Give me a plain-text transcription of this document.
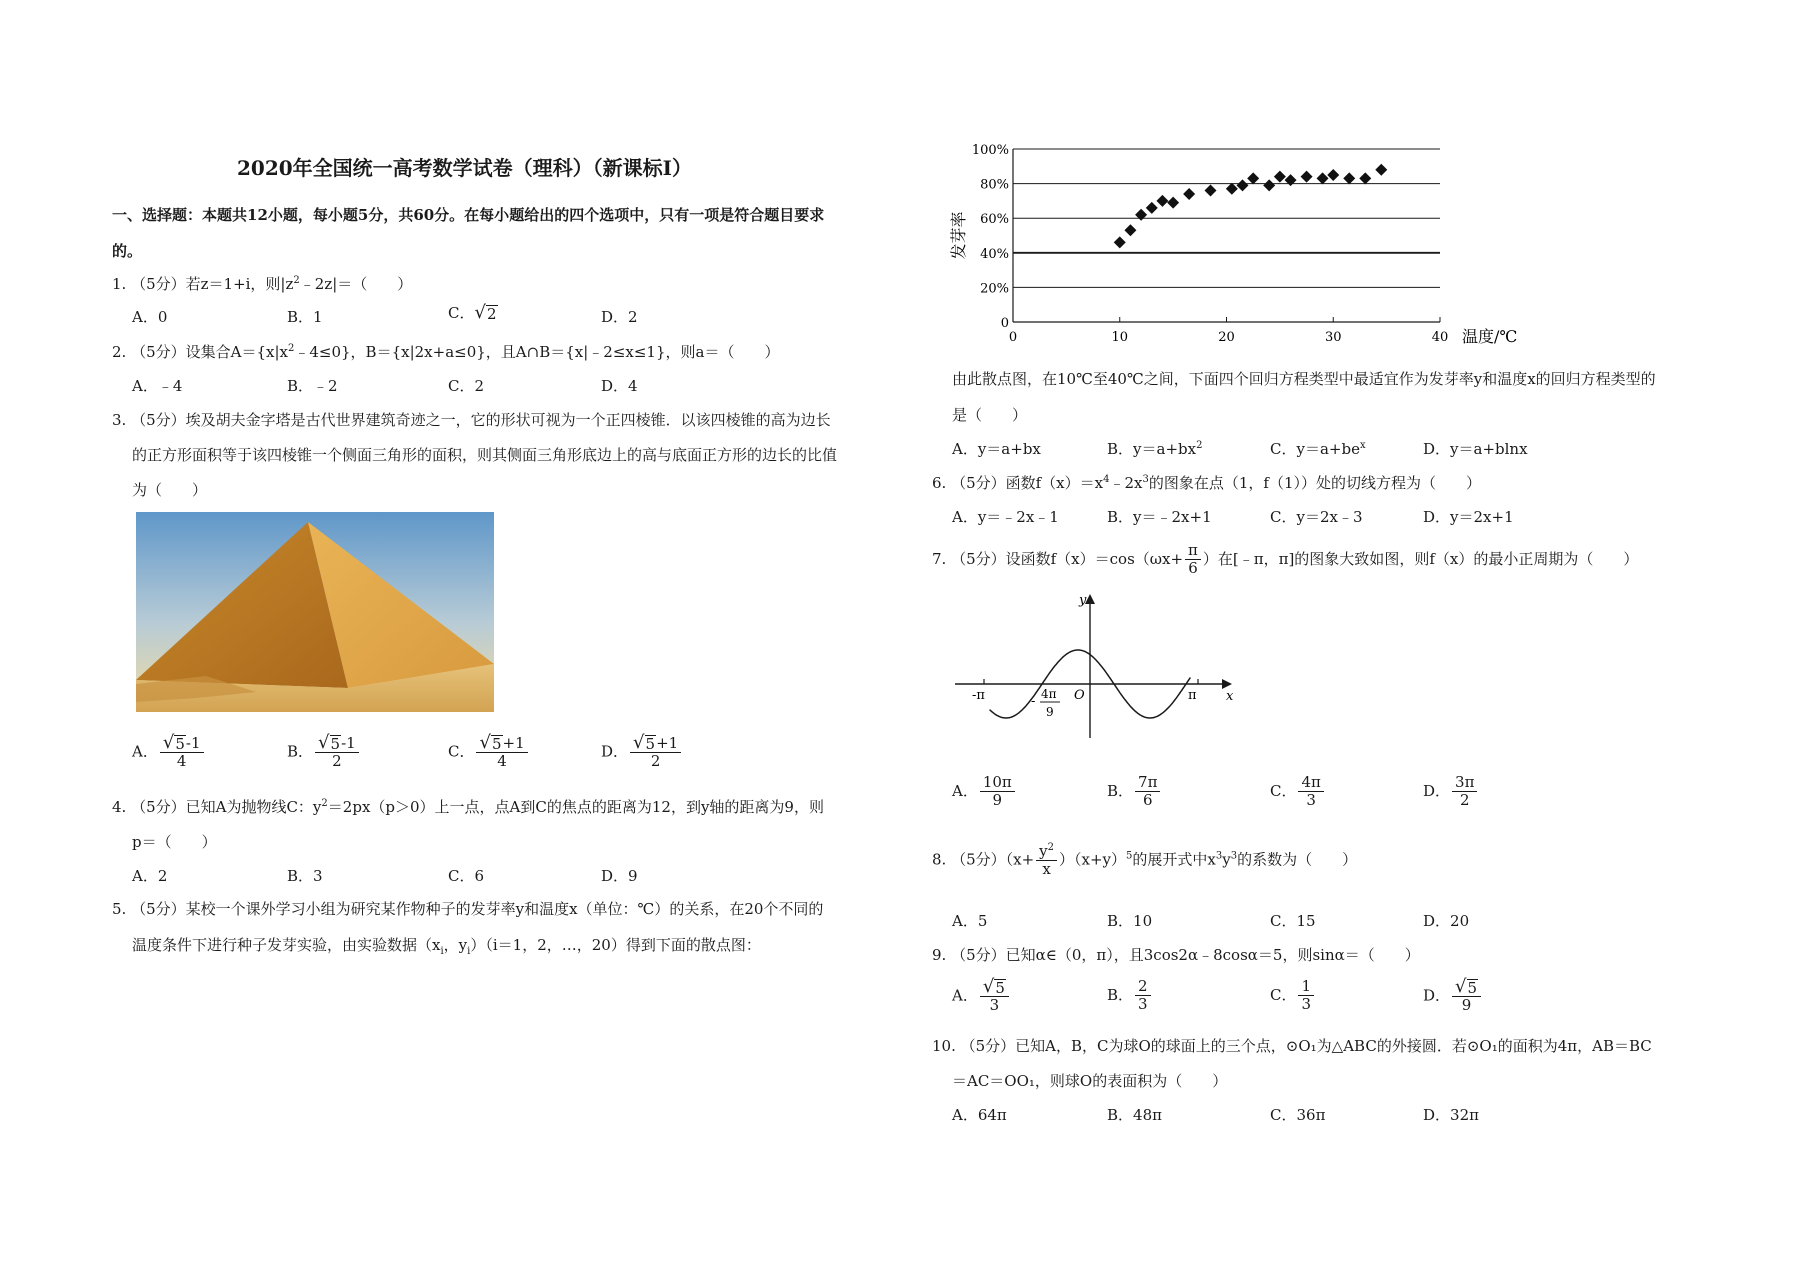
2020年全国统一高考数学试卷（理科）（新课标Ⅰ）
一、选择题：本题共12小题，每小题5分，共60分。在每小题给出的四个选项中，只有一项是符合题目要求
的。
1. （5分）若z＝1+i，则$|z^2﹣2z|=$（　　）
A．0	B．1	C． √ 2	D．2
2. （5分）设集合$A=\{x|x^2﹣4\le 0\}$，B＝{x|2x+a≤0}，且A∩B＝{x|﹣2≤x≤1}，则a＝（　　）
A．﹣4	B．﹣2	C．2	D．4
3. （5分）埃及胡夫金字塔是古代世界建筑奇迹之一，它的形状可视为一个正四棱锥．以该四棱锥的高为边长
的正方形面积等于该四棱锥一个侧面三角形的面积，则其侧面三角形底边上的高与底面正方形的边长的比值
为（　　）
A． $\frac{√ 5 -1}{4}$	B． $\frac{√ 5 -1}{2}$	C． $\frac{√ 5 +1}{4}$	D． $\frac{√ 5 +1}{2}$
4. （5分）已知A为抛物线C：$y^2=2px(p>0)$上一点，点A到C的焦点的距离为12，到y轴的距离为9，则
p＝（　　）
A．2	B．3	C．6	D．9
5. （5分）某校一个课外学习小组为研究某作物种子的发芽率y和温度x（单位：℃）的关系，在20个不同的
温度条件下进行种子发芽实验，由实验数据（$x_i$，$y_i)(i=1$，2，…，20）得到下面的散点图：
0
20%
40%
60%
80%
100%
0	10	20	30	40 温度/℃
发芽率
由此散点图，在10℃至40℃之间，下面四个回归方程类型中最适宜作为发芽率y和温度x的回归方程类型的
是（　　）
A．y＝a+bx	B．$y=a+bx^2$	C．$y=a+be^x$	D．y＝a+blnx
6. （5分）函数$f(x)=x^4﹣2x^3$的图象在点（1，f（1））处的切线方程为（　　）
A．y＝﹣2x﹣1	B．y＝﹣2x+1	C．y＝2x﹣3	D．y＝2x+1
7. （5分）设函数$f(x)=\cos(\omega x+ \frac{\pi}{6}$ ）在[﹣π，π]的图象大致如图，则f（x）的最小正周期为（　　）
y
x
O
-π	π
- 4π
9
A． $\frac{10\pi}{9}$	B． $\frac{7\pi}{6}$	C． $\frac{4\pi}{3}$	D． $\frac{3\pi}{2}$
8. （5分）$(x+ \frac{y^2}{x} )(x+y)^5$的展开式中$x^3y^3$的系数为（　　）
A．5	B．10	C．15	D．20
9. （5分）已知α∈（0，π），且3cos2α﹣8cosα＝5，则sinα＝（　　）
A． $\frac{√ 5}{3}$	B． $\frac{2}{3}$	C． $\frac{1}{3}$	D． $\frac{√ 5}{9}$
10. （5分）已知A，B，C为球O的球面上的三个点，⊙O₁为△ABC的外接圆．若⊙O₁的面积为4π，AB＝BC
＝AC＝OO₁，则球O的表面积为（　　）
A．64π	B．48π	C．36π	D．32π
